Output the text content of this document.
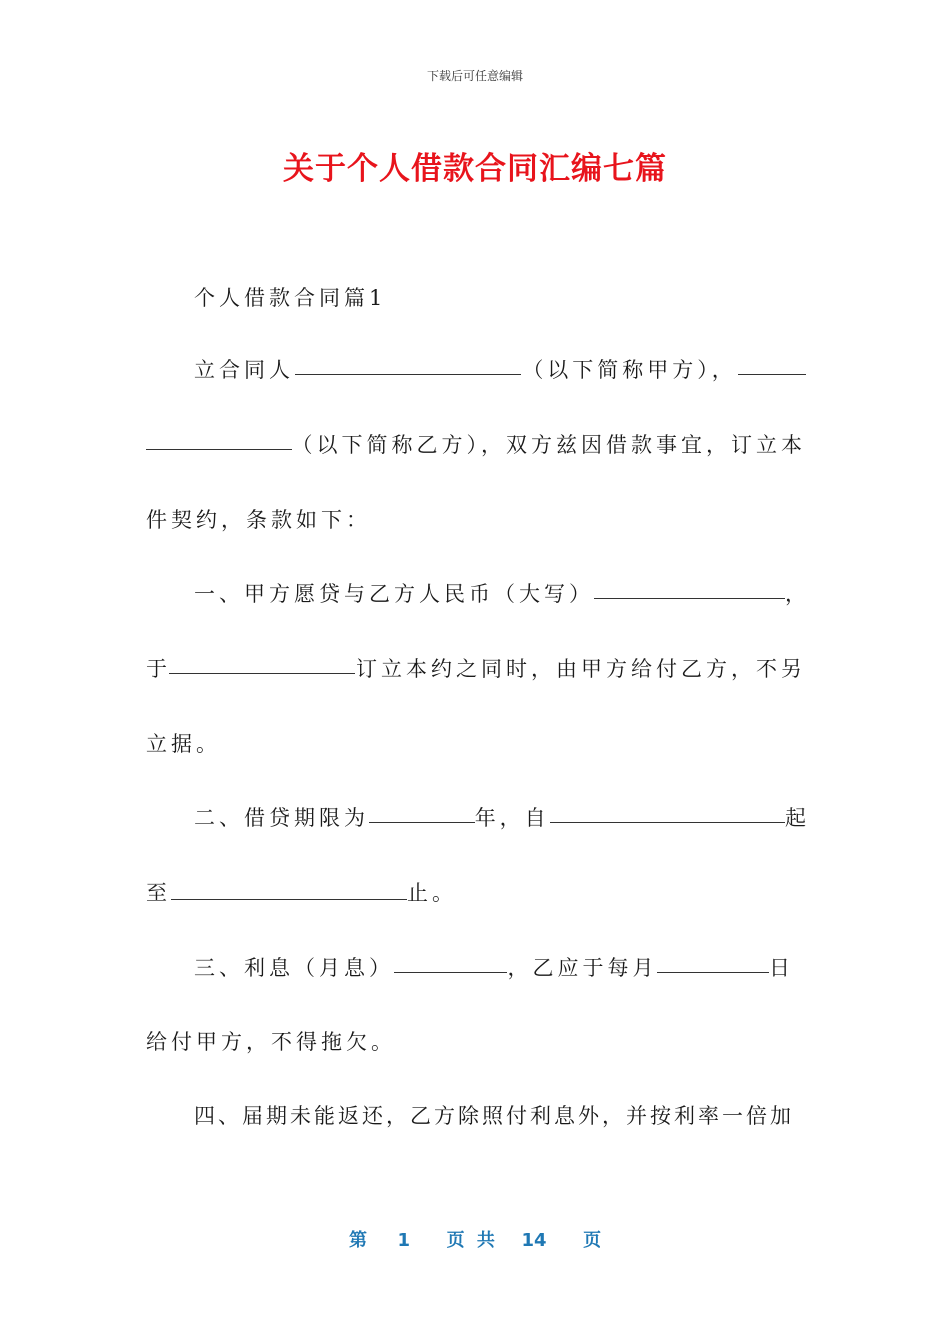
下载后可任意编辑
关于个人借款合同汇编七篇
个人借款合同篇1
立合同人	（以下简称甲方），
（以下简称乙方），双方兹因借款事宜，订立本
件契约，条款如下：
一、甲方愿贷与乙方人民币（大写）	，
于	订立本约之同时，由甲方给付乙方，不另
立据。
二、借贷期限为	年，自	起
至	止。
三、利息（月息）	，乙应于每月	日
给付甲方，不得拖欠。
四、届期未能返还，乙方除照付利息外，并按利率一倍加
第 1 页 共 14 页
